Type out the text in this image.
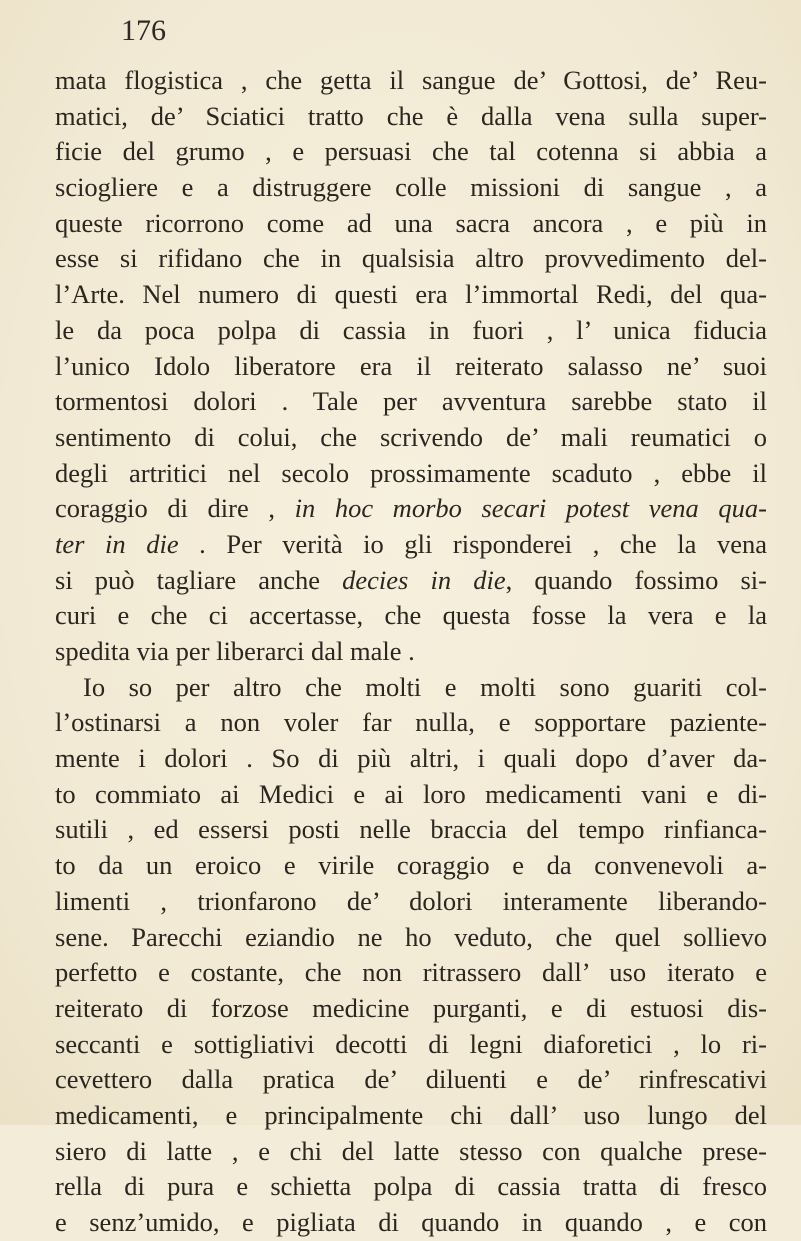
176
mata flogistica , che getta il sangue de’ Gottosi, de’ Reu-
matici, de’ Sciatici tratto che è dalla vena sulla super-
ficie del grumo , e persuasi che tal cotenna si abbia a
sciogliere e a distruggere colle missioni di sangue , a
queste ricorrono come ad una sacra ancora , e più in
esse si rifidano che in qualsisia altro provvedimento del-
l’Arte. Nel numero di questi era l’immortal Redi, del qua-
le da poca polpa di cassia in fuori , l’ unica fiducia
l’unico Idolo liberatore era il reiterato salasso ne’ suoi
tormentosi dolori . Tale per avventura sarebbe stato il
sentimento di colui, che scrivendo de’ mali reumatici o
degli artritici nel secolo prossimamente scaduto , ebbe il
coraggio di dire , in hoc morbo secari potest vena qua-
ter in die . Per verità io gli risponderei , che la vena
si può tagliare anche decies in die, quando fossimo si-
curi e che ci accertasse, che questa fosse la vera e la
spedita via per liberarci dal male .
Io so per altro che molti e molti sono guariti col-
l’ostinarsi a non voler far nulla, e sopportare paziente-
mente i dolori . So di più altri, i quali dopo d’aver da-
to commiato ai Medici e ai loro medicamenti vani e di-
sutili , ed essersi posti nelle braccia del tempo rinfianca-
to da un eroico e virile coraggio e da convenevoli a-
limenti , trionfarono de’ dolori interamente liberando-
sene. Parecchi eziandio ne ho veduto, che quel sollievo
perfetto e costante, che non ritrassero dall’ uso iterato e
reiterato di forzose medicine purganti, e di estuosi dis-
seccanti e sottigliativi decotti di legni diaforetici , lo ri-
cevettero dalla pratica de’ diluenti e de’ rinfrescativi
medicamenti, e principalmente chi dall’ uso lungo del
siero di latte , e chi del latte stesso con qualche prese-
rella di pura e schietta polpa di cassia tratta di fresco
e senz’umido, e pigliata di quando in quando , e con
